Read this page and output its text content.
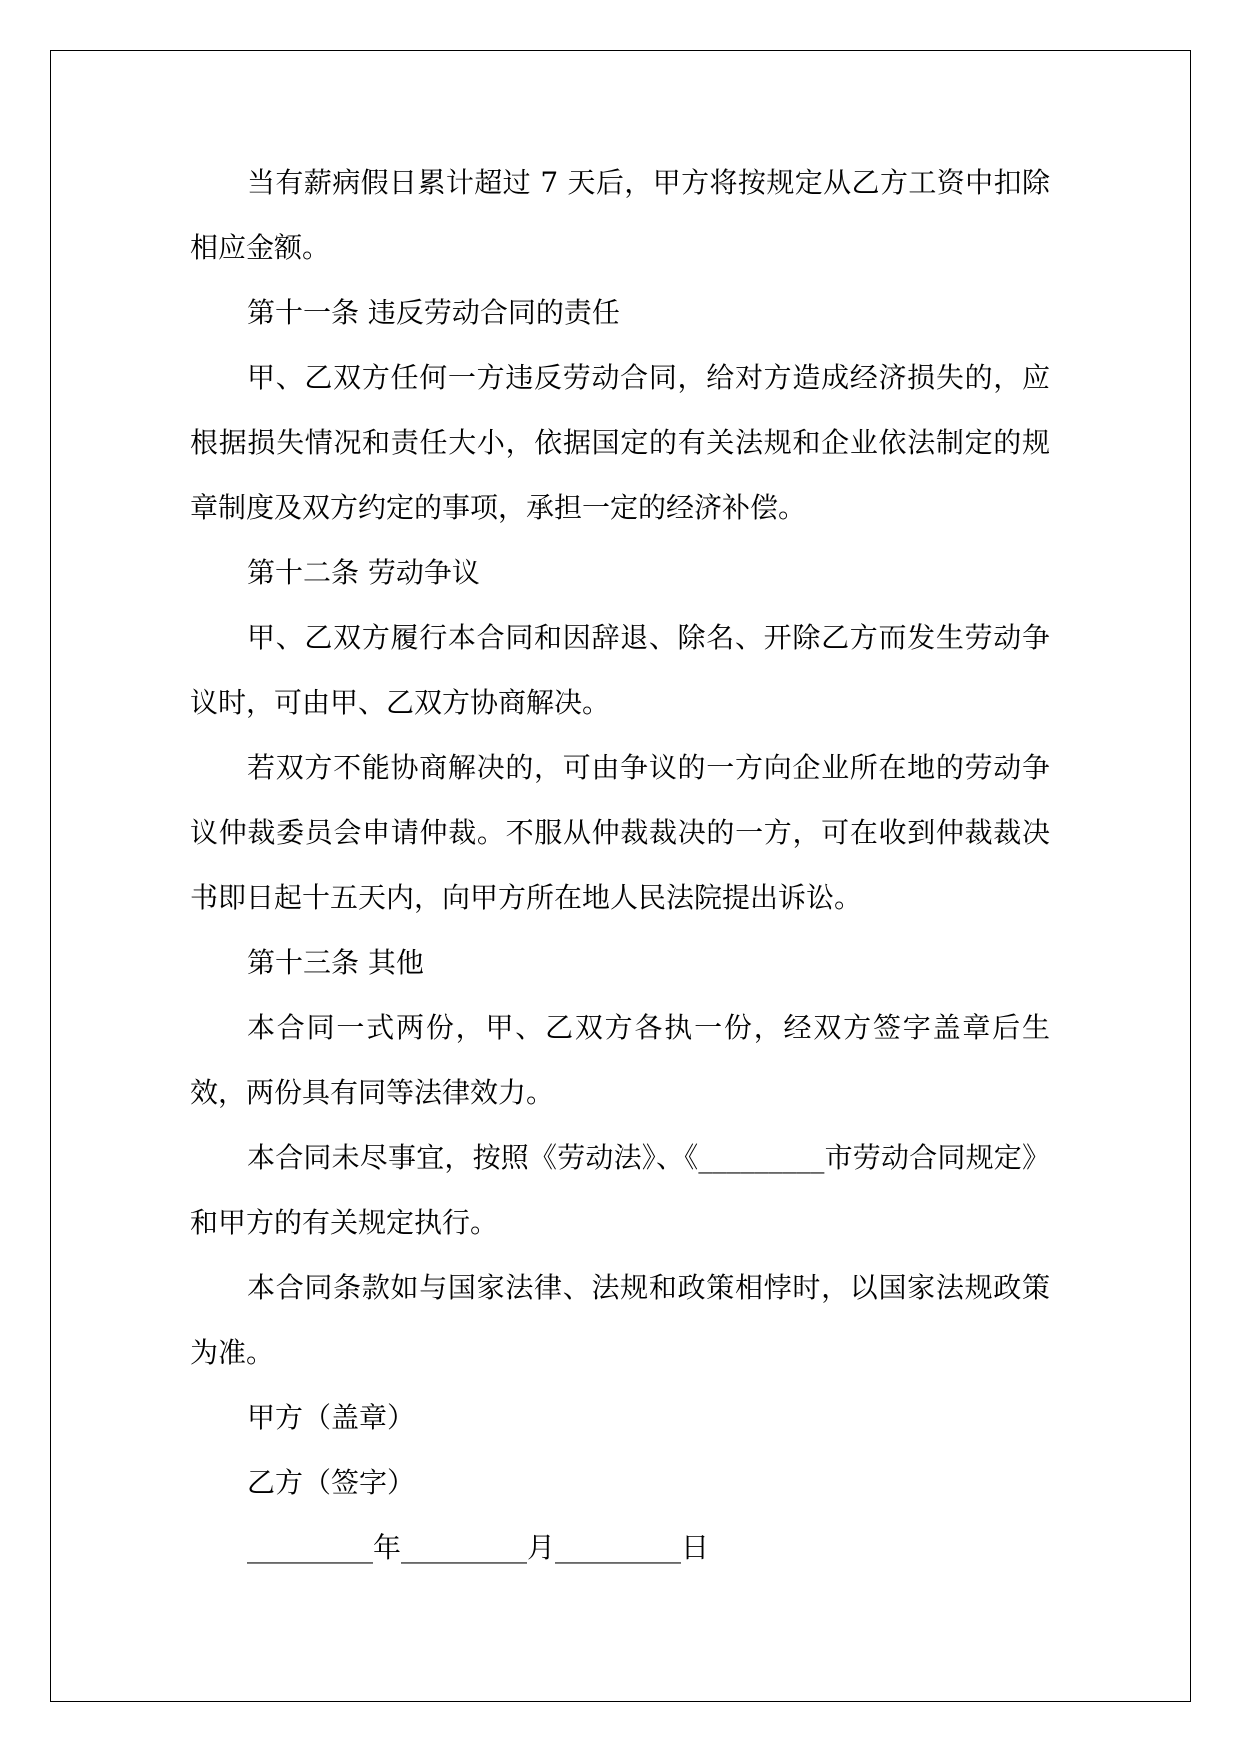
当有薪病假日累计超过 7 天后，甲方将按规定从乙方工资中扣除相应金额。

第十一条 违反劳动合同的责任

甲、乙双方任何一方违反劳动合同，给对方造成经济损失的，应根据损失情况和责任大小，依据国定的有关法规和企业依法制定的规章制度及双方约定的事项，承担一定的经济补偿。

第十二条 劳动争议

甲、乙双方履行本合同和因辞退、除名、开除乙方而发生劳动争议时，可由甲、乙双方协商解决。

若双方不能协商解决的，可由争议的一方向企业所在地的劳动争议仲裁委员会申请仲裁。不服从仲裁裁决的一方，可在收到仲裁裁决书即日起十五天内，向甲方所在地人民法院提出诉讼。

第十三条 其他

本合同一式两份，甲、乙双方各执一份，经双方签字盖章后生效，两份具有同等法律效力。

本合同未尽事宜，按照《劳动法》、《_________市劳动合同规定》和甲方的有关规定执行。

本合同条款如与国家法律、法规和政策相悖时，以国家法规政策为准。

甲方（盖章）

乙方（签字）

_________年_________月_________日
